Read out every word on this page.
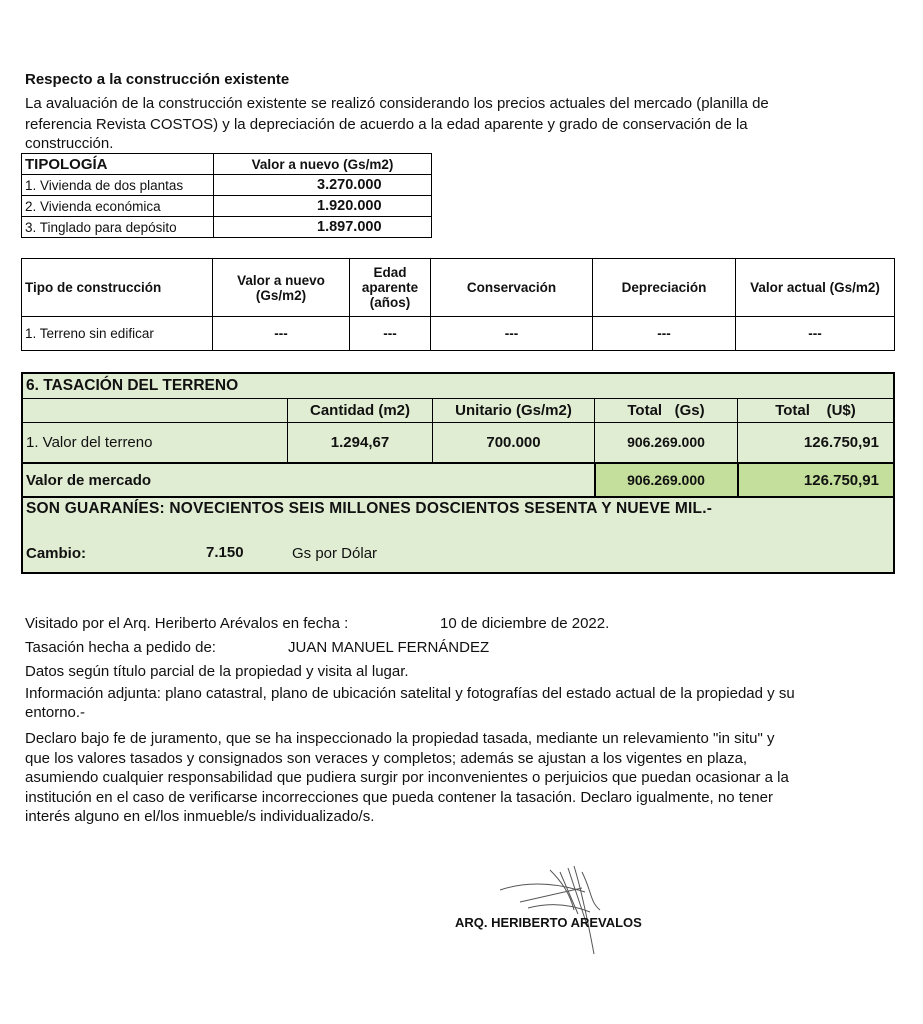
Respecto a la construcción existente
La avaluación de la construcción existente se realizó considerando los precios actuales del mercado (planilla de
referencia Revista COSTOS) y la depreciación de acuerdo a la edad aparente y grado de conservación de la
construcción.
TIPOLOGÍA	Valor a nuevo (Gs/m2)
1. Vivienda de dos plantas	3.270.000
2. Vivienda económica	1.920.000
3. Tinglado para depósito	1.897.000
Tipo de construcción	Valor a nuevo (Gs/m2)	Edad aparente (años)	Conservación	Depreciación	Valor actual (Gs/m2)
1. Terreno sin edificar	---	---	---	---	---
6. TASACIÓN DEL TERRENO				
	Cantidad (m2)	Unitario (Gs/m2)	Total   (Gs)	Total    (U$)
1. Valor del terreno	1.294,67	700.000	906.269.000	126.750,91
Valor de mercado			906.269.000	126.750,91

SON GUARANÍES: NOVECIENTOS SEIS MILLONES DOSCIENTOS SESENTA Y NUEVE MIL.-
Cambio: 7.150 Gs por Dólar				
Visitado por el Arq. Heriberto Arévalos en fecha :	10 de diciembre de 2022.
Tasación hecha a pedido de:	JUAN MANUEL FERNÁNDEZ
Datos según título parcial de la propiedad y visita al lugar.
Información adjunta: plano catastral, plano de ubicación satelital y fotografías del estado actual de la propiedad y su
entorno.-
Declaro bajo fe de juramento, que se ha inspeccionado la propiedad tasada, mediante un relevamiento "in situ" y
que los valores tasados y consignados son veraces y completos; además se ajustan a los vigentes en plaza,
asumiendo cualquier responsabilidad que pudiera surgir por inconvenientes o perjuicios que puedan ocasionar a la
institución en el caso de verificarse incorrecciones que pueda contener la tasación. Declaro igualmente, no tener
interés alguno en el/los inmueble/s individualizado/s.
ARQ. HERIBERTO AREVALOS
